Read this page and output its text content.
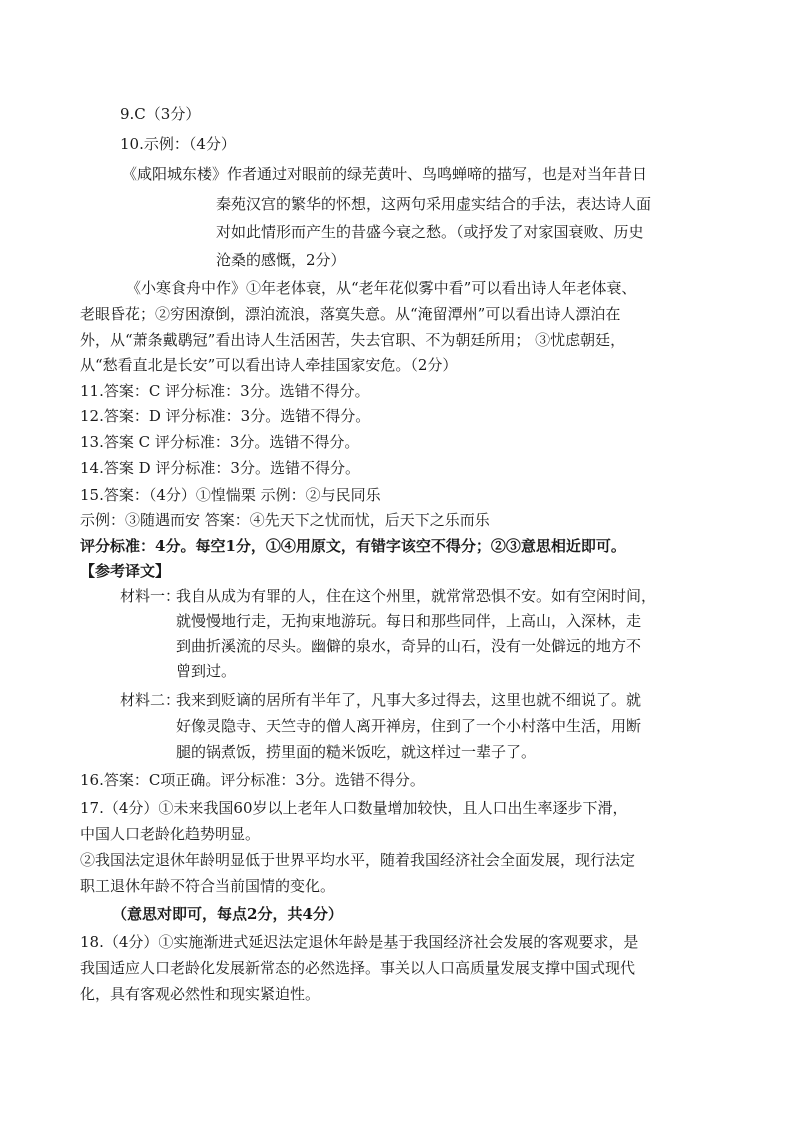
9.C（3分）
10.示例：（4分）
《咸阳城东楼》作者通过对眼前的绿芜黄叶、鸟鸣蝉啼的描写，也是对当年昔日
秦苑汉宫的繁华的怀想，这两句采用虚实结合的手法，表达诗人面
对如此情形而产生的昔盛今衰之愁。（或抒发了对家国衰败、历史
沧桑的感慨，2分）
《小寒食舟中作》①年老体衰，从“老年花似雾中看”可以看出诗人年老体衰、
老眼昏花；②穷困潦倒，漂泊流浪，落寞失意。从“淹留潭州”可以看出诗人漂泊在
外，从“萧条戴鹖冠”看出诗人生活困苦，失去官职、不为朝廷所用； ③忧虑朝廷，
从“愁看直北是长安”可以看出诗人牵挂国家安危。（2分）
11.答案：C 评分标准：3分。选错不得分。
12.答案：D 评分标准：3分。选错不得分。
13.答案 C 评分标准：3分。选错不得分。
14.答案 D 评分标准：3分。选错不得分。
15.答案：（4分）①惶惴栗 示例：②与民同乐
示例：③随遇而安 答案：④先天下之忧而忧，后天下之乐而乐
评分标准：4分。每空1分，①④用原文，有错字该空不得分；②③意思相近即可。
【参考译文】
材料一：
我自从成为有罪的人，住在这个州里，就常常恐惧不安。如有空闲时间，
就慢慢地行走，无拘束地游玩。每日和那些同伴，上高山，入深林，走
到曲折溪流的尽头。幽僻的泉水，奇异的山石，没有一处僻远的地方不
曾到过。
材料二：
我来到贬谪的居所有半年了，凡事大多过得去，这里也就不细说了。就
好像灵隐寺、天竺寺的僧人离开禅房，住到了一个小村落中生活，用断
腿的锅煮饭，捞里面的糙米饭吃，就这样过一辈子了。
16.答案：C项正确。评分标准：3分。选错不得分。
17.（4分）①未来我国60岁以上老年人口数量增加较快，且人口出生率逐步下滑，
中国人口老龄化趋势明显。
②我国法定退休年龄明显低于世界平均水平，随着我国经济社会全面发展，现行法定
职工退休年龄不符合当前国情的变化。
（意思对即可，每点2分，共4分）
18.（4分）①实施渐进式延迟法定退休年龄是基于我国经济社会发展的客观要求，是
我国适应人口老龄化发展新常态的必然选择。事关以人口高质量发展支撑中国式现代
化，具有客观必然性和现实紧迫性。
